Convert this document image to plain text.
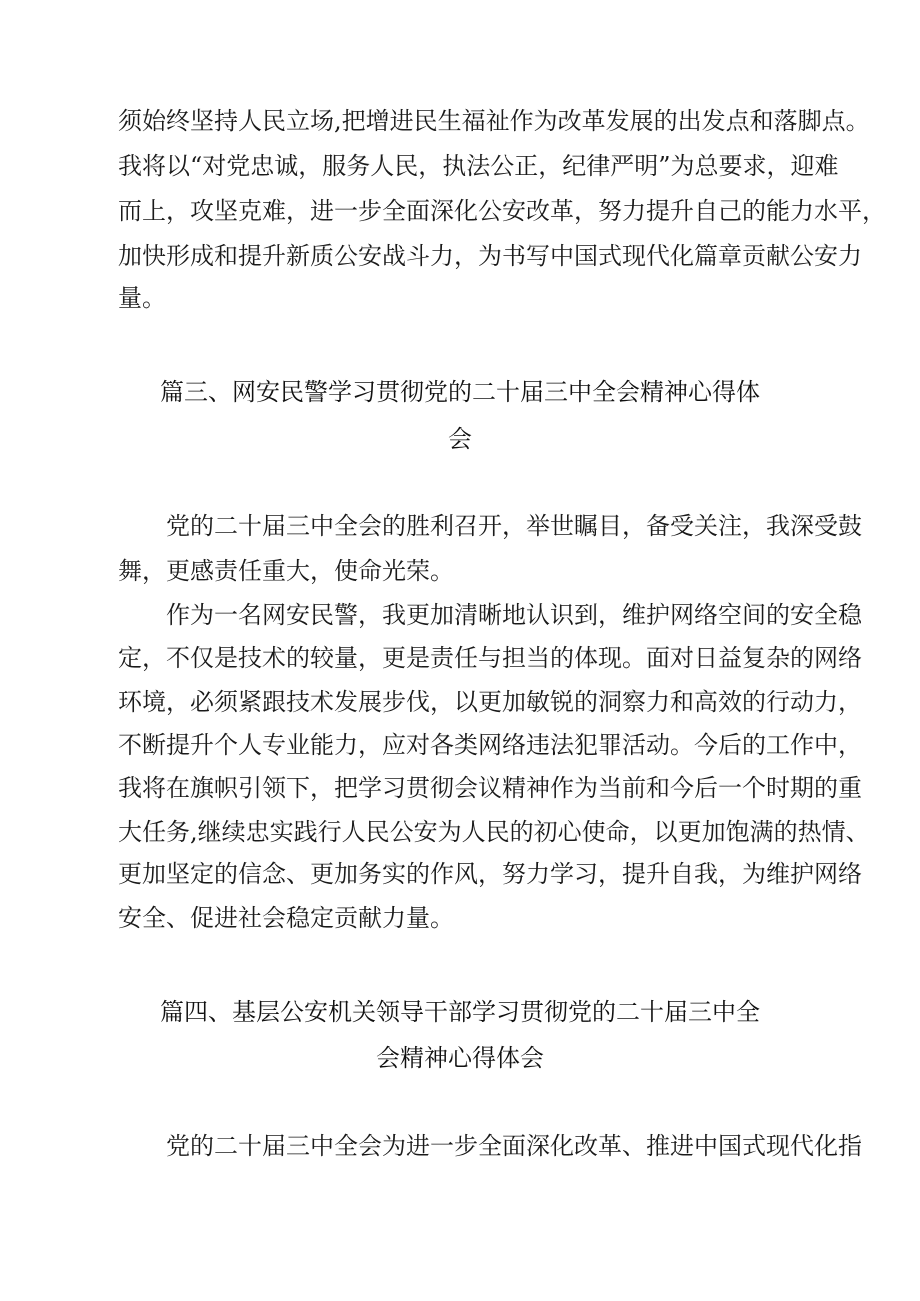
须始终坚持人民立场,把增进民生福祉作为改革发展的出发点和落脚点。
我将以“对党忠诚，服务人民，执法公正，纪律严明”为总要求，迎难
而上，攻坚克难，进一步全面深化公安改革，努力提升自己的能力水平，
加快形成和提升新质公安战斗力，为书写中国式现代化篇章贡献公安力
量。
篇三、网安民警学习贯彻党的二十届三中全会精神心得体
会
党的二十届三中全会的胜利召开，举世瞩目，备受关注，我深受鼓
舞，更感责任重大，使命光荣。
作为一名网安民警，我更加清晰地认识到，维护网络空间的安全稳
定，不仅是技术的较量，更是责任与担当的体现。面对日益复杂的网络
环境，必须紧跟技术发展步伐，以更加敏锐的洞察力和高效的行动力，
不断提升个人专业能力，应对各类网络违法犯罪活动。今后的工作中，
我将在旗帜引领下，把学习贯彻会议精神作为当前和今后一个时期的重
大任务,继续忠实践行人民公安为人民的初心使命，以更加饱满的热情、
更加坚定的信念、更加务实的作风，努力学习，提升自我，为维护网络
安全、促进社会稳定贡献力量。
篇四、基层公安机关领导干部学习贯彻党的二十届三中全
会精神心得体会
党的二十届三中全会为进一步全面深化改革、推进中国式现代化指
